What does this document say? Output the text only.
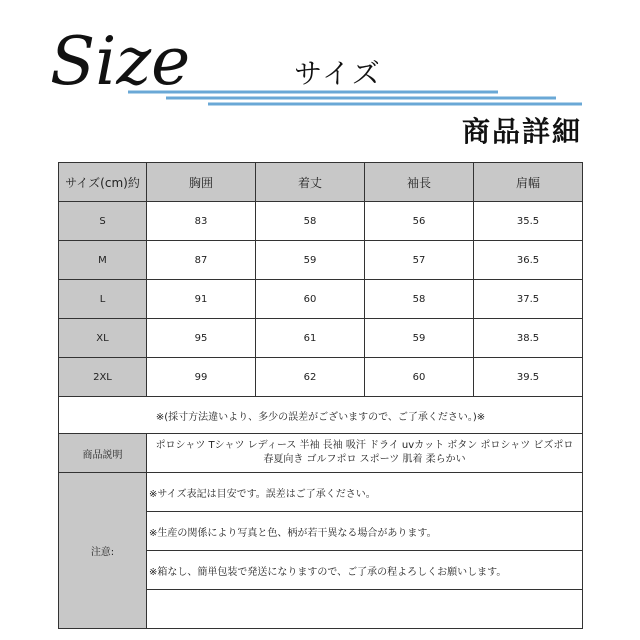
Size	サイズ
商品詳細
サイズ(cm)約	胸囲	着丈	袖長	肩幅
S	83	58	56	35.5
M	87	59	57	36.5
L	91	60	58	37.5
XL	95	61	59	38.5
2XL	99	62	60	39.5
※(採寸方法違いより、多少の誤差がございますので、ご了承ください。)※				
商品説明	ポロシャツ Tシャツ レディース 半袖 長袖 吸汗 ドライ uvカット ボタン ポロシャツ ビズポロ 春夏向き ゴルフポロ スポーツ 肌着 柔らかい			
注意:	※サイズ表記は目安です。誤差はご了承ください。			
	※生産の関係により写真と色、柄が若干異なる場合があります。			
	※箱なし、簡単包装で発送になりますので、ご了承の程よろしくお願いします。			
